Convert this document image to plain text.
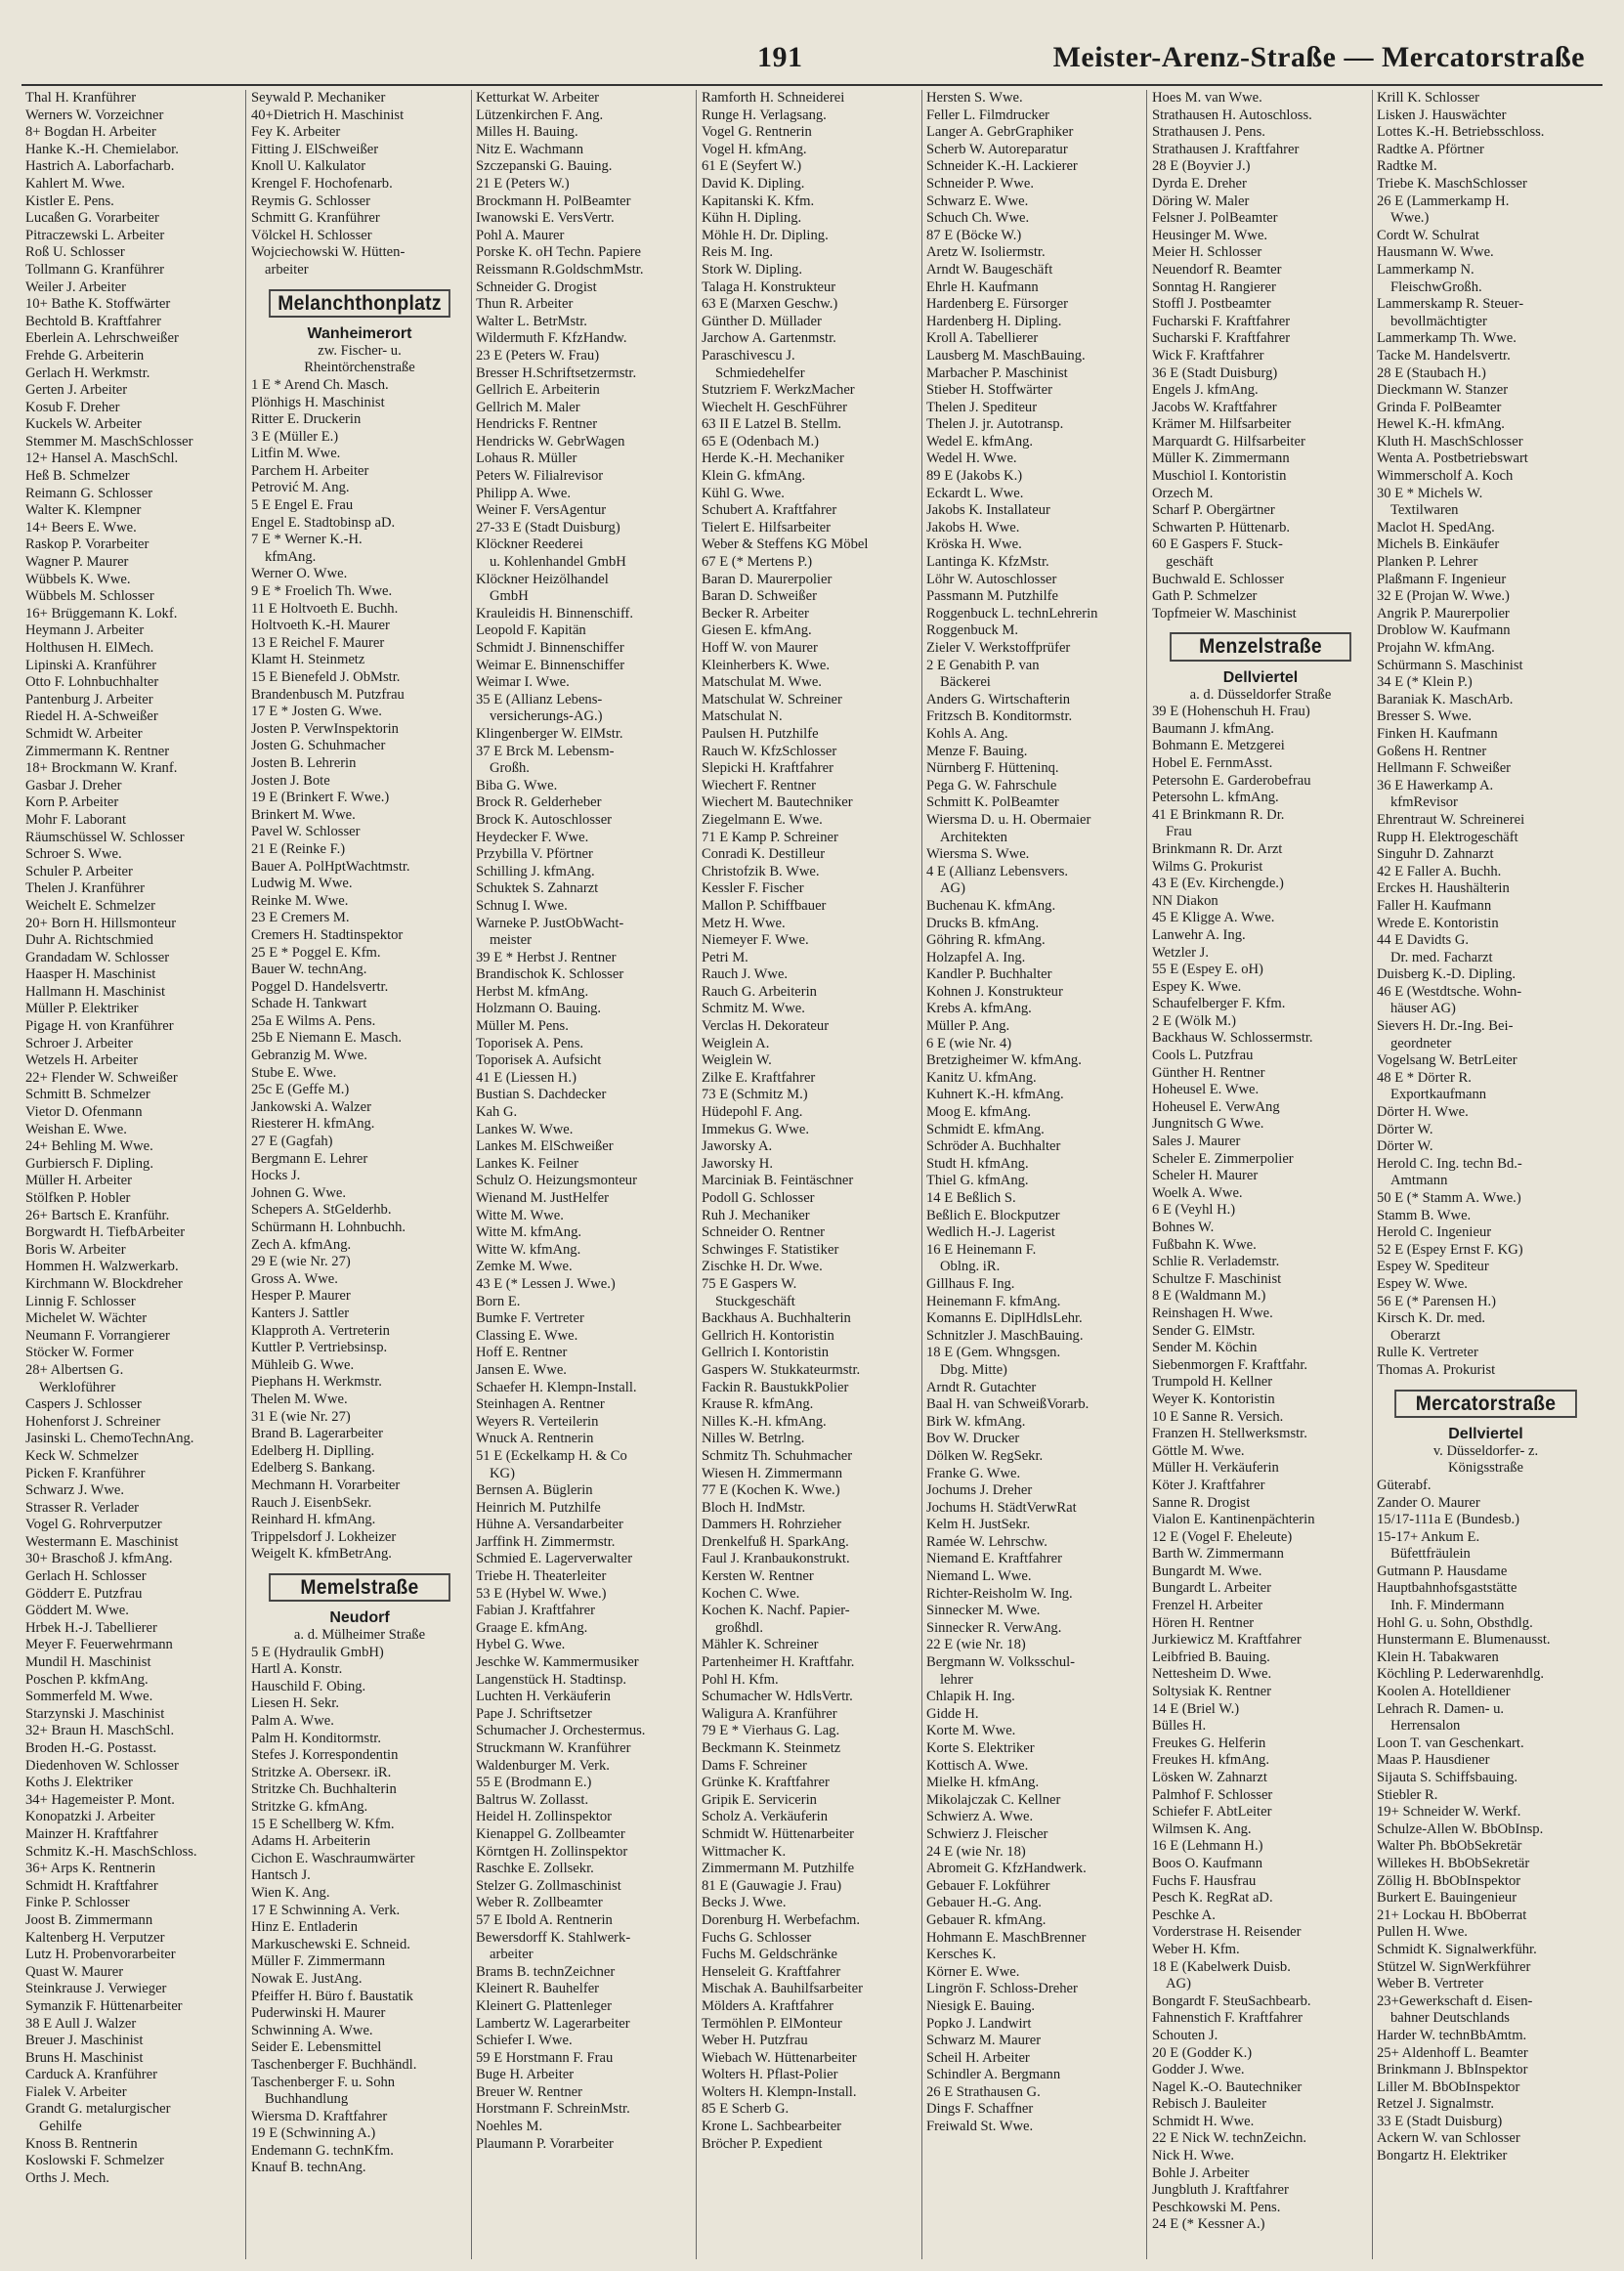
191	Meister-Arenz-Straße — Mercatorstraße
Thal H. Kranführer
Werners W. Vorzeichner
8+ Bogdan H. Arbeiter
Hanke K.-H. Chemielabor.
Hastrich A. Laborfacharb.
Kahlert M. Wwe.
Kistler E. Pens.
Lucaßen G. Vorarbeiter
Pitraczewski L. Arbeiter
Roß U. Schlosser
Tollmann G. Kranführer
Weiler J. Arbeiter
10+ Bathe K. Stoffwärter
Bechtold B. Kraftfahrer
Eberlein A. Lehrschweißer
Frehde G. Arbeiterin
Gerlach H. Werkmstr.
Gerten J. Arbeiter
Kosub F. Dreher
Kuckels W. Arbeiter
Stemmer M. MaschSchlosser
12+ Hansel A. MaschSchl.
Heß B. Schmelzer
Reimann G. Schlosser
Walter K. Klempner
14+ Beers E. Wwe.
Raskop P. Vorarbeiter
Wagner P. Maurer
Wübbels K. Wwe.
Wübbels M. Schlosser
16+ Brüggemann K. Lokf.
Heymann J. Arbeiter
Holthusen H. ElMech.
Lipinski A. Kranführer
Otto F. Lohnbuchhalter
Pantenburg J. Arbeiter
Riedel H. A-Schweißer
Schmidt W. Arbeiter
Zimmermann K. Rentner
18+ Brockmann W. Kranf.
Gasbar J. Dreher
Korn P. Arbeiter
Mohr F. Laborant
Räumschüssel W. Schlosser
Schroer S. Wwe.
Schuler P. Arbeiter
Thelen J. Kranführer
Weichelt E. Schmelzer
20+ Born H. Hillsmonteur
Duhr A. Richtschmied
Grandadam W. Schlosser
Haasper H. Maschinist
Hallmann H. Maschinist
Müller P. Elektriker
Pigage H. von Kranführer
Schroer J. Arbeiter
Wetzels H. Arbeiter
22+ Flender W. Schweißer
Schmitt B. Schmelzer
Vietor D. Ofenmann
Weishan E. Wwe.
24+ Behling M. Wwe.
Gurbiersch F. Dipling.
Müller H. Arbeiter
Stölfken P. Hobler
26+ Bartsch E. Kranführ.
Borgwardt H. TiefbArbeiter
Boris W. Arbeiter
Hommen H. Walzwerkarb.
Kirchmann W. Blockdreher
Linnig F. Schlosser
Michelet W. Wächter
Neumann F. Vorrangierer
Stöcker W. Former
28+ Albertsen G.
Werkloführer
Caspers J. Schlosser
Hohenforst J. Schreiner
Jasinski L. ChemoTechnAng.
Keck W. Schmelzer
Picken F. Kranführer
Schwarz J. Wwe.
Strasser R. Verlader
Vogel G. Rohrverputzer
Westermann E. Maschinist
30+ Braschoß J. kfmAng.
Gerlach H. Schlosser
Gödderт E. Putzfrau
Göddert M. Wwe.
Hrbek H.-J. Tabellierer
Meyer F. Feuerwehrmann
Mundil H. Maschinist
Poschen P. kkfmAng.
Sommerfeld M. Wwe.
Starzynski J. Maschinist
32+ Braun H. MaschSchl.
Broden H.-G. Postasst.
Diedenhoven W. Schlosser
Koths J. Elektriker
34+ Hagemeister P. Mont.
Konopatzki J. Arbeiter
Mainzer H. Kraftfahrer
Schmitz K.-H. MaschSchloss.
36+ Arps K. Rentnerin
Schmidt H. Kraftfahrer
Finke P. Schlosser
Joost B. Zimmermann
Kaltenberg H. Verputzer
Lutz H. Probenvorarbeiter
Quast W. Maurer
Steinkrause J. Verwieger
Symanzik F. Hüttenarbeiter
38 E Aull J. Walzer
Breuer J. Maschinist
Bruns H. Maschinist
Carduck A. Kranführer
Fialek V. Arbeiter
Grandt G. metalurgischer
Gehilfe
Knoss B. Rentnerin
Koslowski F. Schmelzer
Orths J. Mech.
Seywald P. Mechaniker
40+Dietrich H. Maschinist
Fey K. Arbeiter
Fitting J. ElSchweißer
Knoll U. Kalkulator
Krengel F. Hochofenarb.
Reymis G. Schlosser
Schmitt G. Kranführer
Völckel H. Schlosser
Wojciechowski W. Hütten-
arbeiter
Melanchthonplatz
Wanheimerort
zw. Fischer- u.
Rheintörchenstraße
1 E * Arend Ch. Masch.
Plönhigs H. Maschinist
Ritter E. Druckerin
3 E (Müller E.)
Litfin M. Wwe.
Parchem H. Arbeiter
Petrović M. Ang.
5 E Engel E. Frau
Engel E. Stadtobinsp aD.
7 E * Werner K.-H.
kfmAng.
Werner O. Wwe.
9 E * Froelich Th. Wwe.
11 E Holtvoeth E. Buchh.
Holtvoeth K.-H. Maurer
13 E Reichel F. Maurer
Klamt H. Steinmetz
15 E Bienefeld J. ObMstr.
Brandenbusch M. Putzfrau
17 E * Josten G. Wwe.
Josten P. VerwInspektorin
Josten G. Schuhmacher
Josten B. Lehrerin
Josten J. Bote
19 E (Brinkert F. Wwe.)
Brinkert M. Wwe.
Pavel W. Schlosser
21 E (Reinke F.)
Bauer A. PolHptWachtmstr.
Ludwig M. Wwe.
Reinke M. Wwe.
23 E Cremers M.
Cremers H. Stadtinspektor
25 E * Poggel E. Kfm.
Bauer W. technAng.
Poggel D. Handelsvertr.
Schade H. Tankwart
25a E Wilms A. Pens.
25b E Niemann E. Masch.
Gebranzig M. Wwe.
Stube E. Wwe.
25c E (Geffe M.)
Jankowski A. Walzer
Riesterer H. kfmAng.
27 E (Gagfah)
Bergmann E. Lehrer
Hocks J.
Johnen G. Wwe.
Schepers A. StGelderhb.
Schürmann H. Lohnbuchh.
Zech A. kfmAng.
29 E (wie Nr. 27)
Gross A. Wwe.
Hesper P. Maurer
Kanters J. Sattler
Klapproth A. Vertreterin
Kuttler P. Vertriebsinsp.
Mühleib G. Wwe.
Piephans H. Werkmstr.
Thelen M. Wwe.
31 E (wie Nr. 27)
Brand B. Lagerarbeiter
Edelberg H. Diplling.
Edelberg S. Bankang.
Mechmann H. Vorarbeiter
Rauch J. EisenbSekr.
Reinhard H. kfmAng.
Trippelsdorf J. Lokheizer
Weigelt K. kfmBetrAng.
Memelstraße
Neudorf
a. d. Mülheimer Straße
5 E (Hydraulik GmbH)
Hartl A. Konstr.
Hauschild F. Obing.
Liesen H. Sekr.
Palm A. Wwe.
Palm H. Konditormstr.
Stefes J. Korrespondentin
Stritzke A. Oberseкr. iR.
Stritzke Ch. Buchhalterin
Stritzke G. kfmAng.
15 E Schellberg W. Kfm.
Adams H. Arbeiterin
Cichon E. Waschraumwärter
Hantsch J.
Wien K. Ang.
17 E Schwinning A. Verk.
Hinz E. Entladerin
Markuschewski E. Schneid.
Müller F. Zimmermann
Nowak E. JustAng.
Pfeiffer H. Büro f. Baustatik
Puderwinski H. Maurer
Schwinning A. Wwe.
Seider E. Lebensmittel
Taschenberger F. Buchhändl.
Taschenberger F. u. Sohn
Buchhandlung
Wiersma D. Kraftfahrer
19 E (Schwinning A.)
Endemann G. technKfm.
Knauf B. technAng.
Ketturkat W. Arbeiter
Lützenkirchen F. Ang.
Milles H. Bauing.
Nitz E. Wachmann
Szczepanski G. Bauing.
21 E (Peters W.)
Brockmann H. PolBeamter
Iwanowski E. VersVertr.
Pohl A. Maurer
Porske K. oH Techn. Papiere
Reissmann R.GoldschmMstr.
Schneider G. Drogist
Thun R. Arbeiter
Walter L. BetrMstr.
Wildermuth F. KfzHandw.
23 E (Peters W. Frau)
Bresser H.Schriftsetzermstr.
Gellrich E. Arbeiterin
Gellrich M. Maler
Hendricks F. Rentner
Hendricks W. GebrWagen
Lohaus R. Müller
Peters W. Filialrevisor
Philipp A. Wwe.
Weiner F. VersAgentur
27-33 E (Stadt Duisburg)
Klöckner Reederei
u. Kohlenhandel GmbH
Klöckner Heizölhandel
GmbH
Krauleidis H. Binnenschiff.
Leopold F. Kapitän
Schmidt J. Binnenschiffer
Weimar E. Binnenschiffer
Weimar I. Wwe.
35 E (Allianz Lebens-
versicherungs-AG.)
Klingenberger W. ElMstr.
37 E Brck M. Lebensm-
Großh.
Biba G. Wwe.
Brock R. Gelderheber
Brock K. Autoschlosser
Heydecker F. Wwe.
Przybilla V. Pförtner
Schilling J. kfmAng.
Schuktek S. Zahnarzt
Schnug I. Wwe.
Warneke P. JustObWacht-
meister
39 E * Herbst J. Rentner
Brandischok K. Schlosser
Herbst M. kfmAng.
Holzmann O. Bauing.
Müller M. Pens.
Toporisek A. Pens.
Toporisek A. Aufsicht
41 E (Liessen H.)
Bustian S. Dachdecker
Kah G.
Lankes W. Wwe.
Lankes M. ElSchweißer
Lankes K. Feilner
Schulz O. Heizungsmonteur
Wienand M. JustHelfer
Witte M. Wwe.
Witte M. kfmAng.
Witte W. kfmAng.
Zemke M. Wwe.
43 E (* Lessen J. Wwe.)
Born E.
Bumke F. Vertreter
Classing E. Wwe.
Hoff E. Rentner
Jansen E. Wwe.
Schaefer H. Klempn-Install.
Steinhagen A. Rentner
Weyers R. Verteilerin
Wnuck A. Rentnerin
51 E (Eckelkamp H. & Co
KG)
Bernsen A. Büglerin
Heinrich M. Putzhilfe
Hühne A. Versandarbeiter
Jarffink H. Zimmermstr.
Schmied E. Lagerverwalter
Triebe H. Theaterleiter
53 E (Hybel W. Wwe.)
Fabian J. Kraftfahrer
Graage E. kfmAng.
Hybel G. Wwe.
Jeschke W. Kammermusiker
Langenstück H. Stadtinsp.
Luchten H. Verkäuferin
Pape J. Schriftsetzer
Schumacher J. Orchestermus.
Struckmann W. Kranführer
Waldenburger M. Verk.
55 E (Brodmann E.)
Baltrus W. Zollasst.
Heidel H. Zollinspektor
Kienappel G. Zollbeamter
Körntgen H. Zollinspektor
Raschke E. Zollsekr.
Stelzer G. Zollmaschinist
Weber R. Zollbeamter
57 E Ibold A. Rentnerin
Bewersdorff K. Stahlwerk-
arbeiter
Brams B. technZeichner
Kleinert R. Bauhelfer
Kleinert G. Plattenleger
Lambertz W. Lagerarbeiter
Schiefer I. Wwe.
59 E Horstmann F. Frau
Buge H. Arbeiter
Breuer W. Rentner
Horstmann F. SchreinMstr.
Noehles M.
Plaumann P. Vorarbeiter
Ramforth H. Schneiderei
Runge H. Verlagsang.
Vogel G. Rentnerin
Vogel H. kfmAng.
61 E (Seyfert W.)
David K. Dipling.
Kapitanski K. Kfm.
Kühn H. Dipling.
Möhle H. Dr. Dipling.
Reis M. Ing.
Stork W. Dipling.
Talaga H. Konstrukteur
63 E (Marxen Geschw.)
Günther D. Müllader
Jarchow A. Gartenmstr.
Paraschivescu J.
Schmiedehelfer
Stutzriem F. WerkzMacher
Wiechelt H. GeschFührer
63 II E Latzel B. Stellm.
65 E (Odenbach M.)
Herde K.-H. Mechaniker
Klein G. kfmAng.
Kühl G. Wwe.
Schubert A. Kraftfahrer
Tielert E. Hilfsarbeiter
Weber & Steffens KG Möbel
67 E (* Mertens P.)
Baran D. Maurerpolier
Baran D. Schweißer
Becker R. Arbeiter
Giesen E. kfmAng.
Hoff W. von Maurer
Kleinherbers K. Wwe.
Matschulat M. Wwe.
Matschulat W. Schreiner
Matschulat N.
Paulsen H. Putzhilfe
Rauch W. KfzSchlosser
Slepicki H. Kraftfahrer
Wiechert F. Rentner
Wiechert M. Bautechniker
Ziegelmann E. Wwe.
71 E Kamp P. Schreiner
Conradi K. Destilleur
Christofzik B. Wwe.
Kessler F. Fischer
Mallon P. Schiffbauer
Metz H. Wwe.
Niemeyer F. Wwe.
Petri M.
Rauch J. Wwe.
Rauch G. Arbeiterin
Schmitz M. Wwe.
Verclas H. Dekorateur
Weiglein A.
Weiglein W.
Zilke E. Kraftfahrer
73 E (Schmitz M.)
Hüdepohl F. Ang.
Immekus G. Wwe.
Jaworsky A.
Jaworsky H.
Marciniak B. Feintäschner
Podoll G. Schlosser
Ruh J. Mechaniker
Schneider O. Rentner
Schwinges F. Statistiker
Zischke H. Dr. Wwe.
75 E Gaspers W.
Stuckgeschäft
Backhaus A. Buchhalterin
Gellrich H. Kontoristin
Gellrich I. Kontoristin
Gaspers W. Stukkateurmstr.
Fackin R. BaustukkPolier
Krause R. kfmAng.
Nilles K.-H. kfmAng.
Nilles W. Betrlng.
Schmitz Th. Schuhmacher
Wiesen H. Zimmermann
77 E (Kochen K. Wwe.)
Bloch H. IndMstr.
Dammers H. Rohrzieher
Drenkelfuß H. SparkAng.
Faul J. Kranbaukonstrukt.
Kersten W. Rentner
Kochen C. Wwe.
Kochen K. Nachf. Papier-
großhdl.
Mähler K. Schreiner
Partenheimer H. Kraftfahr.
Pohl H. Kfm.
Schumacher W. HdlsVertr.
Waligura A. Kranführer
79 E * Vierhaus G. Lag.
Beckmann K. Steinmetz
Dams F. Schreiner
Grünke K. Kraftfahrer
Gripik E. Servicerin
Scholz A. Verkäuferin
Schmidt W. Hüttenarbeiter
Wittmacher K.
Zimmermann M. Putzhilfe
81 E (Gauwagie J. Frau)
Becks J. Wwe.
Dorenburg H. Werbefachm.
Fuchs G. Schlosser
Fuchs M. Geldschränke
Henseleit G. Kraftfahrer
Mischak A. Bauhilfsarbeiter
Mölders A. Kraftfahrer
Termöhlen P. ElMonteur
Weber H. Putzfrau
Wiebach W. Hüttenarbeiter
Wolters H. Pflast-Polier
Wolters H. Klempn-Install.
85 E Scherb G.
Krone L. Sachbearbeiter
Bröcher P. Expedient
Hersten S. Wwe.
Feller L. Filmdrucker
Langer A. GebrGraphiker
Scherb W. Autoreparatur
Schneider K.-H. Lackierer
Schneider P. Wwe.
Schwarz E. Wwe.
Schuch Ch. Wwe.
87 E (Böcke W.)
Aretz W. Isoliermstr.
Arndt W. Baugeschäft
Ehrle H. Kaufmann
Hardenberg E. Fürsorger
Hardenberg H. Dipling.
Kroll A. Tabellierer
Lausberg M. MaschBauing.
Marbacher P. Maschinist
Stieber H. Stoffwärter
Thelen J. Spediteur
Thelen J. jr. Autotransp.
Wedel E. kfmAng.
Wedel H. Wwe.
89 E (Jakobs K.)
Eckardt L. Wwe.
Jakobs K. Installateur
Jakobs H. Wwe.
Kröska H. Wwe.
Lantinga K. KfzMstr.
Löhr W. Autoschlosser
Passmann M. Putzhilfe
Roggenbuck L. technLehrerin
Roggenbuck M.
Zieler V. Werkstoffprüfer
2 E Genabith P. van
Bäckerei
Anders G. Wirtschafterin
Fritzsch B. Konditormstr.
Kohls A. Ang.
Menze F. Bauing.
Nürnberg F. Hütteninq.
Pega G. W. Fahrschule
Schmitt K. PolBeamter
Wiersma D. u. H. Obermaier
Architekten
Wiersma S. Wwe.
4 E (Allianz Lebensvers.
AG)
Buchenau K. kfmAng.
Drucks B. kfmAng.
Göhring R. kfmAng.
Holzapfel A. Ing.
Kandler P. Buchhalter
Kohnen J. Konstrukteur
Krebs A. kfmAng.
Müller P. Ang.
6 E (wie Nr. 4)
Bretzigheimer W. kfmAng.
Kanitz U. kfmAng.
Kuhnert K.-H. kfmAng.
Moog E. kfmAng.
Schmidt E. kfmAng.
Schröder A. Buchhalter
Studt H. kfmAng.
Thiel G. kfmAng.
14 E Beßlich S.
Beßlich E. Blockputzer
Wedlich H.-J. Lagerist
16 E Heinemann F.
Oblng. iR.
Gillhaus F. Ing.
Heinemann F. kfmAng.
Komanns E. DiplHdlsLehr.
Schnitzler J. MaschBauing.
18 E (Gem. Whngsgen.
Dbg. Mitte)
Arndt R. Gutachter
Baal H. van SchweißVorarb.
Birk W. kfmAng.
Bov W. Drucker
Dölken W. RegSekr.
Franke G. Wwe.
Jochums J. Dreher
Jochums H. StädtVerwRat
Kelm H. JustSekr.
Ramée W. Lehrschw.
Niemand E. Kraftfahrer
Niemand L. Wwe.
Richter-Reisholm W. Ing.
Sinnecker M. Wwe.
Sinnecker R. VerwAng.
22 E (wie Nr. 18)
Bergmann W. Volksschul-
lehrer
Chlapik H. Ing.
Gidde H.
Korte M. Wwe.
Korte S. Elektriker
Kottisch A. Wwe.
Mielke H. kfmAng.
Mikolajczak C. Kellner
Schwierz A. Wwe.
Schwierz J. Fleischer
24 E (wie Nr. 18)
Abromeit G. KfzHandwerk.
Gebauer F. Lokführer
Gebauer H.-G. Ang.
Gebauer R. kfmAng.
Hohmann E. MaschBrenner
Kersches K.
Körner E. Wwe.
Lingrön F. Schloss-Dreher
Niesigk E. Bauing.
Popko J. Landwirt
Schwarz M. Maurer
Scheil H. Arbeiter
Schindler A. Bergmann
26 E Strathausen G.
Dings F. Schaffner
Freiwald St. Wwe.
Hoes M. van Wwe.
Strathausen H. Autoschloss.
Strathausen J. Pens.
Strathausen J. Kraftfahrer
28 E (Boyvier J.)
Dyrda E. Dreher
Döring W. Maler
Felsner J. PolBeamter
Heusinger M. Wwe.
Meier H. Schlosser
Neuendorf R. Beamter
Sonntag H. Rangierer
Stoffl J. Postbeamter
Fucharski F. Kraftfahrer
Sucharski F. Kraftfahrer
Wick F. Kraftfahrer
36 E (Stadt Duisburg)
Engels J. kfmAng.
Jacobs W. Kraftfahrer
Krämer M. Hilfsarbeiter
Marquardt G. Hilfsarbeiter
Müller K. Zimmermann
Muschiol I. Kontoristin
Orzech M.
Scharf P. Obergärtner
Schwarten P. Hüttenarb.
60 E Gaspers F. Stuck-
geschäft
Buchwald E. Schlosser
Gath P. Schmelzer
Topfmeier W. Maschinist
Menzelstraße
Dellviertel
a. d. Düsseldorfer Straße
39 E (Hohenschuh H. Frau)
Baumann J. kfmAng.
Bohmann E. Metzgerei
Hobel E. FernmAsst.
Petersohn E. Garderobefrau
Petersohn L. kfmAng.
41 E Brinkmann R. Dr.
Frau
Brinkmann R. Dr. Arzt
Wilms G. Prokurist
43 E (Ev. Kirchengde.)
NN Diakon
45 E Kligge A. Wwe.
Lanwehr A. Ing.
Wetzler J.
55 E (Espey E. oH)
Espey K. Wwe.
Schaufelberger F. Kfm.
2 E (Wölk M.)
Backhaus W. Schlossermstr.
Cools L. Putzfrau
Günther H. Rentner
Hoheusel E. Wwe.
Hoheusel E. VerwAng
Jungnitsch G Wwe.
Sales J. Maurer
Scheler E. Zimmerpolier
Scheler H. Maurer
Woelk A. Wwe.
6 E (Veyhl H.)
Bohnes W.
Fußbahn K. Wwe.
Schlie R. Verlademstr.
Schultze F. Maschinist
8 E (Waldmann M.)
Reinshagen H. Wwe.
Sender G. ElMstr.
Sender M. Köchin
Siebenmorgen F. Kraftfahr.
Trumpold H. Kellner
Weyer K. Kontoristin
10 E Sanne R. Versich.
Franzen H. Stellwerksmstr.
Göttle M. Wwe.
Müller H. Verkäuferin
Köter J. Kraftfahrer
Sanne R. Drogist
Vialon E. Kantinenpächterin
12 E (Vogel F. Eheleute)
Barth W. Zimmermann
Bungardt M. Wwe.
Bungardt L. Arbeiter
Frenzel H. Arbeiter
Hören H. Rentner
Jurkiewicz M. Kraftfahrer
Leibfried B. Bauing.
Nettesheim D. Wwe.
Soltysiak K. Rentner
14 E (Briel W.)
Bülles H.
Freukes G. Helferin
Freukes H. kfmAng.
Lösken W. Zahnarzt
Palmhof F. Schlosser
Schiefer F. AbtLeiter
Wilmsen K. Ang.
16 E (Lehmann H.)
Boos O. Kaufmann
Fuchs F. Hausfrau
Pesch K. RegRat aD.
Peschke A.
Vorderstrase H. Reisender
Weber H. Kfm.
18 E (Kabelwerk Duisb.
AG)
Bongardt F. SteuSachbearb.
Fahnenstich F. Kraftfahrer
Schouten J.
20 E (Godder K.)
Godder J. Wwe.
Nagel K.-O. Bautechniker
Rebisch J. Bauleiter
Schmidt H. Wwe.
22 E Nick W. technZeichn.
Nick H. Wwe.
Bohle J. Arbeiter
Jungbluth J. Kraftfahrer
Peschkowski M. Pens.
24 E (* Kessner A.)
Krill K. Schlosser
Lisken J. Hauswächter
Lottes K.-H. Betriebsschloss.
Radtke A. Pförtner
Radtke M.
Triebe K. MaschSchlosser
26 E (Lammerkamp H.
Wwe.)
Cordt W. Schulrat
Hausmann W. Wwe.
Lammerkamp N.
FleischwGroßh.
Lammerskamp R. Steuer-
bevollmächtigter
Lammerkamp Th. Wwe.
Tacke M. Handelsvertr.
28 E (Staubach H.)
Dieckmann W. Stanzer
Grinda F. PolBeamter
Hewel K.-H. kfmAng.
Kluth H. MaschSchlosser
Wenta A. Postbetriebswart
Wimmerscholf A. Koch
30 E * Michels W.
Textilwaren
Maclot H. SpedAng.
Michels B. Einkäufer
Planken P. Lehrer
Plaßmann F. Ingenieur
32 E (Projan W. Wwe.)
Angrik P. Maurerpolier
Droblow W. Kaufmann
Projahn W. kfmAng.
Schürmann S. Maschinist
34 E (* Klein P.)
Baraniak K. MaschArb.
Bresser S. Wwe.
Finken H. Kaufmann
Goßens H. Rentner
Hellmann F. Schweißer
36 E Hawerkamp A.
kfmRevisor
Ehrentraut W. Schreinerei
Rupp H. Elektrogeschäft
Singuhr D. Zahnarzt
42 E Faller A. Buchh.
Erckes H. Haushälterin
Faller H. Kaufmann
Wrede E. Kontoristin
44 E Davidts G.
Dr. med. Facharzt
Duisberg K.-D. Dipling.
46 E (Westdtsche. Wohn-
häuser AG)
Sievers H. Dr.-Ing. Bei-
geordneter
Vogelsang W. BetrLeiter
48 E * Dörter R.
Exportkaufmann
Dörter H. Wwe.
Dörter W.
Dörter W.
Herold C. Ing. techn Bd.-
Amtmann
50 E (* Stamm A. Wwe.)
Stamm B. Wwe.
Herold C. Ingenieur
52 E (Espey Ernst F. KG)
Espey W. Spediteur
Espey W. Wwe.
56 E (* Parensen H.)
Kirsch K. Dr. med.
Oberarzt
Rulle K. Vertreter
Thomas A. Prokurist
Mercatorstraße
Dellviertel
v. Düsseldorfer- z.
Königsstraße
Güterabf.
Zander O. Maurer
15/17-111a E (Bundesb.)
15-17+ Ankum E.
Büfettfräulein
Gutmann P. Hausdame
Hauptbahnhofsgaststätte
Inh. F. Mindermann
Hohl G. u. Sohn, Obsthdlg.
Hunstermann E. Blumenausst.
Klein H. Tabakwaren
Köchling P. Lederwarenhdlg.
Koolen A. Hotelldiener
Lehrach R. Damen- u.
Herrensalon
Loon T. van Geschenkart.
Maas P. Hausdiener
Sijauta S. Schiffsbauing.
Stiebler R.
19+ Schneider W. Werkf.
Schulze-Allen W. BbObInsp.
Walter Ph. BbObSekretär
Willekes H. BbObSekretär
Zöllig H. BbObInspektor
Burkert E. Bauingenieur
21+ Lockau H. BbOberrat
Pullen H. Wwe.
Schmidt K. Signalwerkführ.
Stützel W. SignWerkführer
Weber B. Vertreter
23+Gewerkschaft d. Eisen-
bahner Deutschlands
Harder W. technBbAmtm.
25+ Aldenhoff L. Beamter
Brinkmann J. BbInspektor
Liller M. BbObInspektor
Retzel J. Signalmstr.
33 E (Stadt Duisburg)
Ackern W. van Schlosser
Bongartz H. Elektriker
